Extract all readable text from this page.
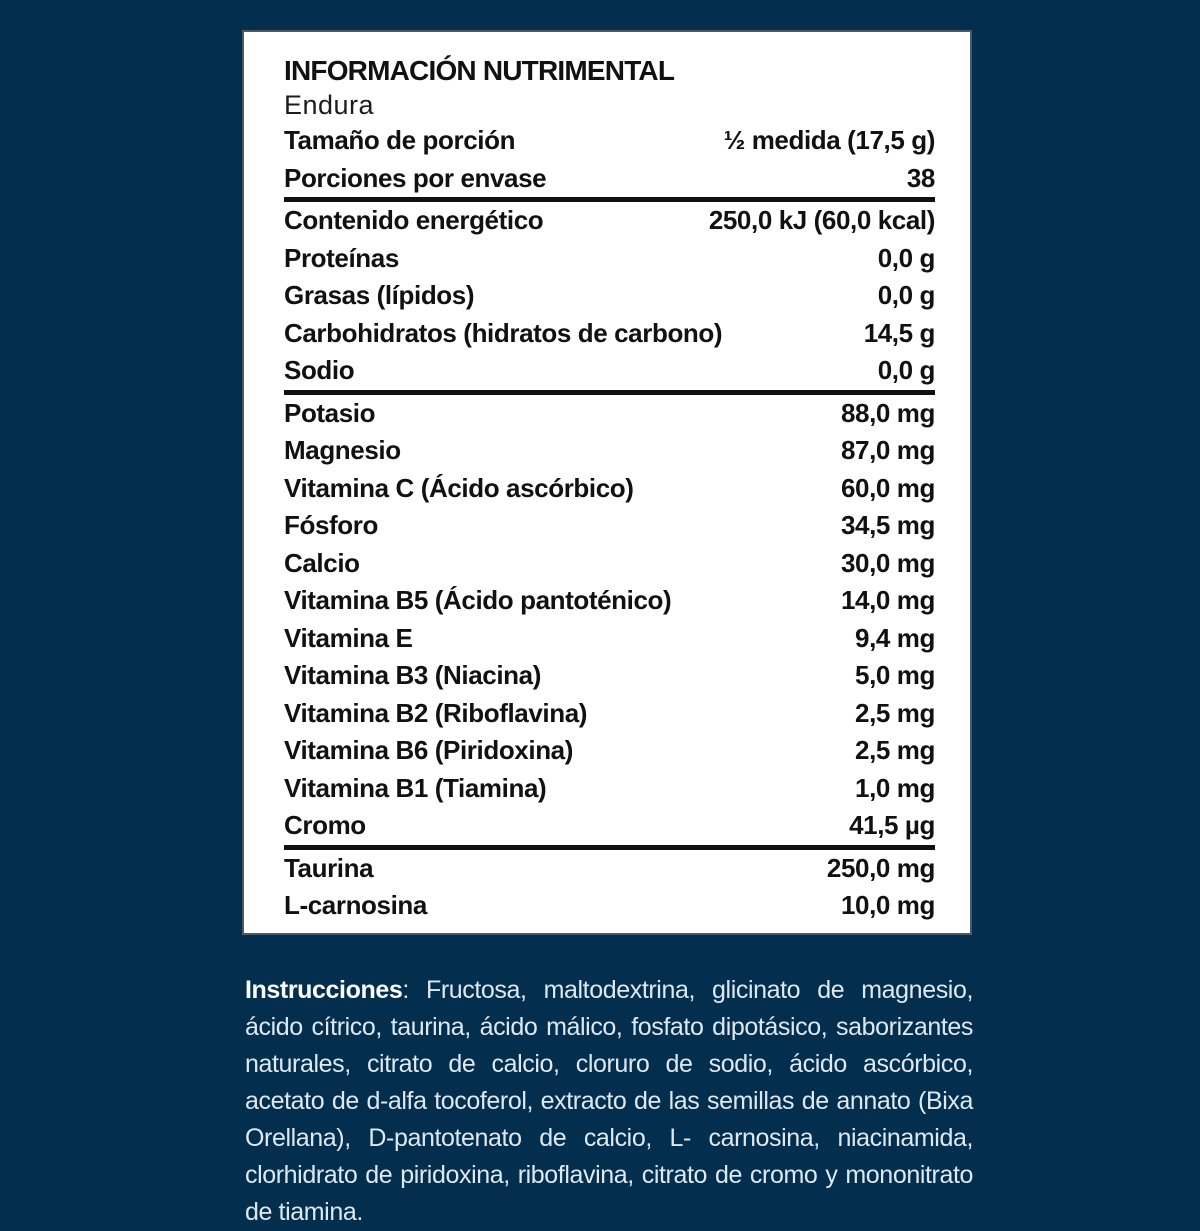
INFORMACIÓN NUTRIMENTAL
Endura
Tamaño de porción	½ medida (17,5 g)
Porciones por envase	38
Contenido energético	250,0 kJ (60,0 kcal)
Proteínas	0,0 g
Grasas (lípidos)	0,0 g
Carbohidratos (hidratos de carbono)	14,5 g
Sodio	0,0 g
Potasio	88,0 mg
Magnesio	87,0 mg
Vitamina C (Ácido ascórbico)	60,0 mg
Fósforo	34,5 mg
Calcio	30,0 mg
Vitamina B5 (Ácido pantoténico)	14,0 mg
Vitamina E	9,4 mg
Vitamina B3 (Niacina)	5,0 mg
Vitamina B2 (Riboflavina)	2,5 mg
Vitamina B6 (Piridoxina)	2,5 mg
Vitamina B1 (Tiamina)	1,0 mg
Cromo	41,5 µg
Taurina	250,0 mg
L-carnosina	10,0 mg

Instrucciones: Fructosa, maltodextrina, glicinato de magnesio, ácido cítrico, taurina, ácido málico, fosfato dipotásico, saborizantes naturales, citrato de calcio, cloruro de sodio, ácido ascórbico, acetato de d-alfa tocoferol, extracto de las semillas de annato (Bixa Orellana), D-pantotenato de calcio, L- carnosina, niacinamida, clorhidrato de piridoxina, riboflavina, citrato de cromo y mononitrato de tiamina.
